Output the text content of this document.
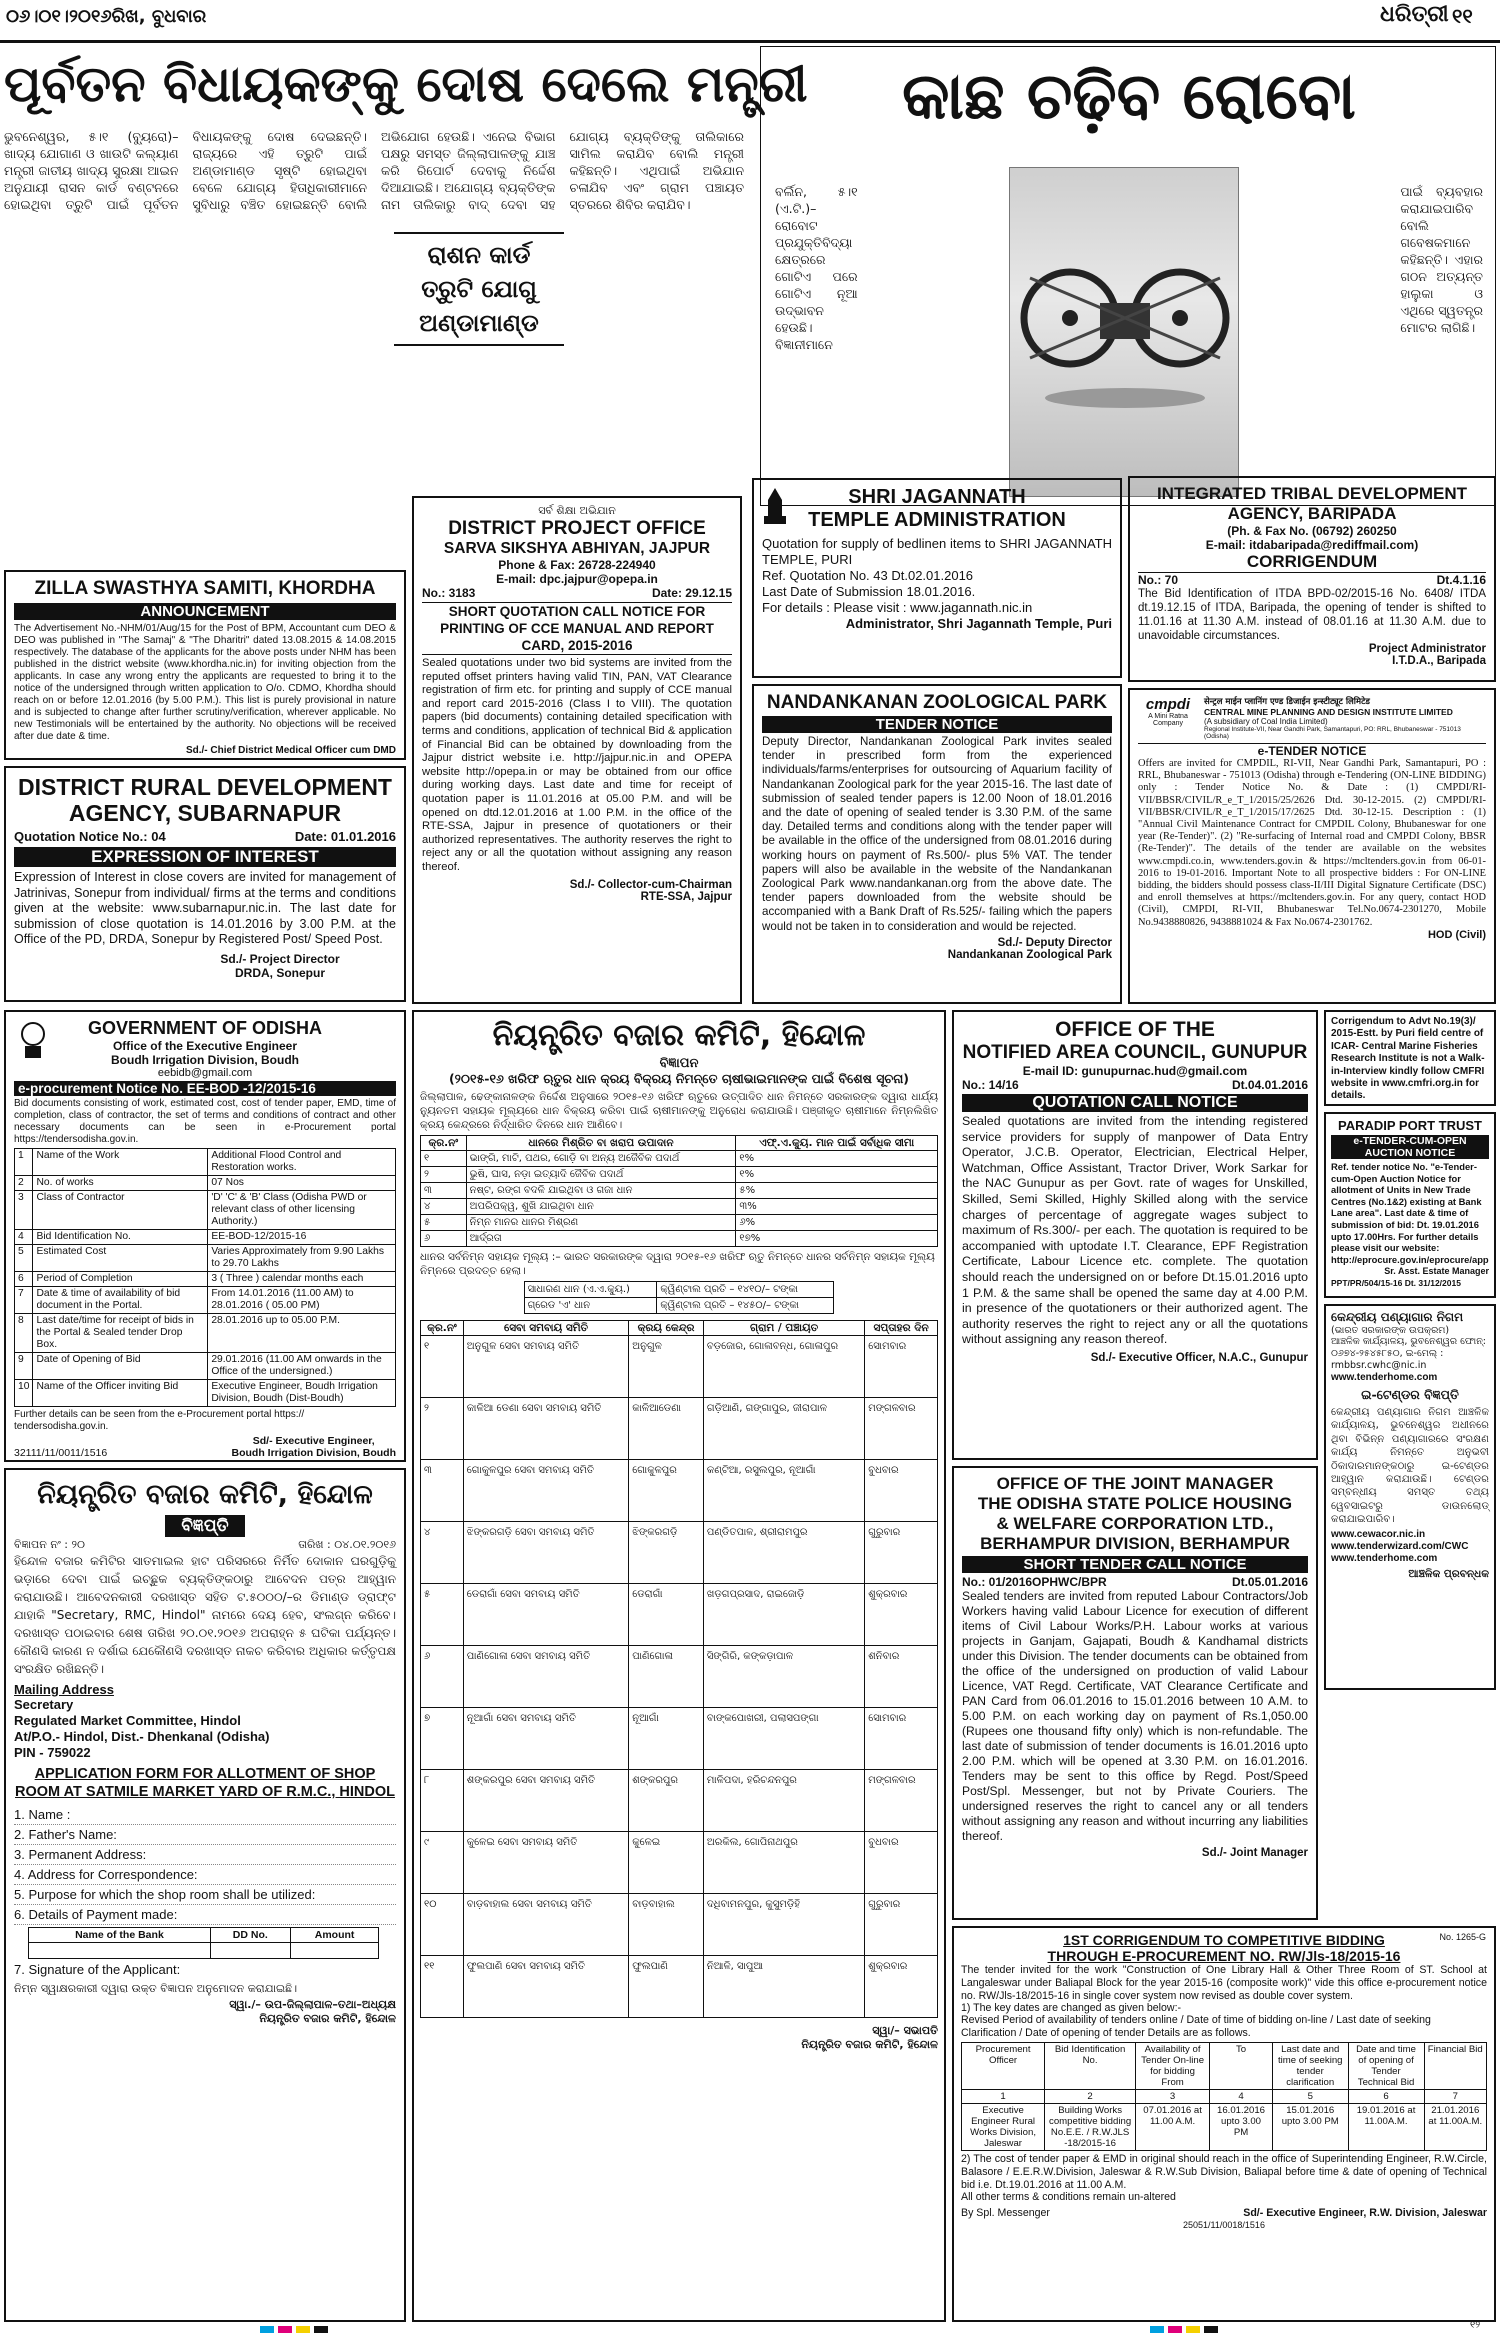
୦୬।୦୧।୨୦୧୬ରିଖ, ବୁଧବାର	ଧରିତ୍ରୀ ୧୧
ପୂର୍ବତନ ବିଧାୟକଙ୍କୁ ଦୋଷ ଦେଲେ ମନ୍ତ୍ରୀ
ଭୁବନେଶ୍ୱର, ୫।୧ (ବ୍ୟୁରୋ)– ଖାଦ୍ୟ ଯୋଗାଣ ଓ ଖାଉଟି କଲ୍ୟାଣ ମନ୍ତ୍ରୀ ଜାତୀୟ ଖାଦ୍ୟ ସୁରକ୍ଷା ଆଇନ ଅନୁଯାୟୀ ରାସନ କାର୍ଡ ବଣ୍ଟନରେ ହୋଇଥିବା ତ୍ରୁଟି ପାଇଁ ପୂର୍ବତନ ବିଧାୟକଙ୍କୁ ଦୋଷ ଦେଇଛନ୍ତି। ରାଜ୍ୟରେ ଏହି ତ୍ରୁଟି ପାଇଁ ଅଣ୍ଡାମାଣ୍ଡ ସୃଷ୍ଟି ହୋଇଥିବା ବେଳେ ଯୋଗ୍ୟ ହିତାଧିକାରୀମାନେ ସୁବିଧାରୁ ବଞ୍ଚିତ ହୋଇଛନ୍ତି ବୋଲି ଅଭିଯୋଗ ହେଉଛି। ଏନେଇ ବିଭାଗ ପକ୍ଷରୁ ସମସ୍ତ ଜିଲ୍ଲାପାଳଙ୍କୁ ଯାଞ୍ଚ କରି ରିପୋର୍ଟ ଦେବାକୁ ନିର୍ଦ୍ଦେଶ ଦିଆଯାଇଛି। ଅଯୋଗ୍ୟ ବ୍ୟକ୍ତିଙ୍କ ନାମ ତାଲିକାରୁ ବାଦ୍ ଦେବା ସହ ଯୋଗ୍ୟ ବ୍ୟକ୍ତିଙ୍କୁ ତାଲିକାରେ ସାମିଲ କରାଯିବ ବୋଲି ମନ୍ତ୍ରୀ କହିଛନ୍ତି। ଏଥିପାଇଁ ଅଭିଯାନ ଚଳାଯିବ ଏବଂ ଗ୍ରାମ ପଞ୍ଚାୟତ ସ୍ତରରେ ଶିବିର କରାଯିବ।
ରାଶନ କାର୍ଡ ତ୍ରୁଟି ଯୋଗୁ ଅଣ୍ଡାମାଣ୍ଡ
କାଛ ଚଢ଼ିବ ରୋବୋ
ବର୍ଲିନ, ୫।୧ (ଏ.ଟି.)– ରୋବୋଟ ପ୍ରଯୁକ୍ତିବିଦ୍ୟା କ୍ଷେତ୍ରରେ ଗୋଟିଏ ପରେ ଗୋଟିଏ ନୂଆ ଉଦ୍ଭାବନ ହେଉଛି। ବିଜ୍ଞାନୀମାନେ ପାଇଁ ବ୍ୟବହାର କରାଯାଇପାରିବ ବୋଲି ଗବେଷକମାନେ କହିଛନ୍ତି। ଏହାର ଗଠନ ଅତ୍ୟନ୍ତ ହାଲୁକା ଓ ଏଥିରେ ସ୍ୱତନ୍ତ୍ର ମୋଟର ଲାଗିଛି।
ZILLA SWASTHYA SAMITI, KHORDHA
ANNOUNCEMENT
The Advertisement No.-NHM/01/Aug/15 for the Post of BPM, Accountant cum DEO & DEO was published in "The Samaj" & "The Dharitri" dated 13.08.2015 & 14.08.2015 respectively. The database of the applicants for the above posts under NHM has been published in the district website (www.khordha.nic.in) for inviting objection from the applicants. In case any wrong entry the applicants are requested to bring it to the notice of the undersigned through written application to O/o. CDMO, Khordha should reach on or before 12.01.2016 (by 5.00 P.M.). This list is purely provisional in nature and is subjected to change after further scrutiny/verification, wherever applicable. No new Testimonials will be entertained by the authority. No objections will be received after due date & time.
Sd./- Chief District Medical Officer cum DMD
DISTRICT RURAL DEVELOPMENT AGENCY, SUBARNAPUR
Quotation Notice No.: 04	Date: 01.01.2016
EXPRESSION OF INTEREST
Expression of Interest in close covers are invited for management of Jatrinivas, Sonepur from individual/ firms at the terms and conditions given at the website: www.subarnapur.nic.in. The last date for submission of close quotation is 14.01.2016 by 3.00 P.M. at the Office of the PD, DRDA, Sonepur by Registered Post/ Speed Post.
Sd./- Project Director
DRDA, Sonepur
ସର୍ବ ଶିକ୍ଷା ଅଭିଯାନ
DISTRICT PROJECT OFFICE
SARVA SIKSHYA ABHIYAN, JAJPUR
Phone & Fax: 26728-224940
E-mail: dpc.jajpur@opepa.in
No.: 3183	Date: 29.12.15
SHORT QUOTATION CALL NOTICE FOR PRINTING OF CCE MANUAL AND REPORT CARD, 2015-2016
Sealed quotations under two bid systems are invited from the reputed offset printers having valid TIN, PAN, VAT Clearance registration of firm etc. for printing and supply of CCE manual and report card 2015-2016 (Class I to VIII). The quotation papers (bid documents) containing detailed specification with terms and conditions, application of technical Bid & application of Financial Bid can be obtained by downloading from the Jajpur district website i.e. http://jajpur.nic.in and OPEPA website http://opepa.in or may be obtained from our office during working days. Last date and time for receipt of quotation paper is 11.01.2016 at 05.00 P.M. and will be opened on dtd.12.01.2016 at 1.00 P.M. in the office of the RTE-SSA, Jajpur in presence of quotationers or their authorized representatives. The authority reserves the right to reject any or all the quotation without assigning any reason thereof.
Sd./- Collector-cum-Chairman
RTE-SSA, Jajpur
SHRI JAGANNATH
TEMPLE ADMINISTRATION
Quotation for supply of bedlinen items to SHRI JAGANNATH TEMPLE, PURI
Ref. Quotation No. 43 Dt.02.01.2016
Last Date of Submission 18.01.2016.
For details : Please visit : www.jagannath.nic.in
Administrator, Shri Jagannath Temple, Puri
NANDANKANAN ZOOLOGICAL PARK
TENDER NOTICE
Deputy Director, Nandankanan Zoological Park invites sealed tender in prescribed form from the experienced individuals/farms/enterprises for outsourcing of Aquarium facility of Nandankanan Zoological park for the year 2015-16. The last date of submission of sealed tender papers is 12.00 Noon of 18.01.2016 and the date of opening of sealed tender is 3.30 P.M. of the same day. Detailed terms and conditions along with the tender paper will be available in the office of the undersigned from 08.01.2016 during working hours on payment of Rs.500/- plus 5% VAT. The tender papers will also be available in the website of the Nandankanan Zoological Park www.nandankanan.org from the above date. The tender papers downloaded from the website should be accompanied with a Bank Draft of Rs.525/- failing which the papers would not be taken in to consideration and would be rejected.
Sd./- Deputy Director
Nandankanan Zoological Park
INTEGRATED TRIBAL DEVELOPMENT
AGENCY, BARIPADA
(Ph. & Fax No. (06792) 260250
E-mail: itdabaripada@rediffmail.com)
CORRIGENDUM
No.: 70	Dt.4.1.16
The Bid Identification of ITDA BPD-02/2015-16 No. 6408/ ITDA dt.19.12.15 of ITDA, Baripada, the opening of tender is shifted to 11.01.16 at 11.30 A.M. instead of 08.01.16 at 11.30 A.M. due to unavoidable circumstances.
Project Administrator
I.T.D.A., Baripada
cmpdi
A Mini Ratna Company
सेन्ट्रल माईन प्लानिंग एण्ड डिजाईन इन्स्टीट्यूट लिमिटेड
CENTRAL MINE PLANNING AND DESIGN INSTITUTE LIMITED
(A subsidiary of Coal India Limited)
Regional Institute-VII, Near Gandhi Park, Samantapuri, PO: RRL, Bhubaneswar - 751013 (Odisha)
e-TENDER NOTICE
Offers are invited for CMPDIL, RI-VII, Near Gandhi Park, Samantapuri, PO : RRL, Bhubaneswar - 751013 (Odisha) through e-Tendering (ON-LINE BIDDING) only : Tender Notice No. & Date : (1) CMPDI/RI-VII/BBSR/CIVIL/R_e_T_1/2015/25/2626 Dtd. 30-12-2015. (2) CMPDI/RI-VII/BBSR/CIVIL/R_e_T_1/2015/17/2625 Dtd. 30-12-15. Description : (1) "Annual Civil Maintenance Contract for CMPDIL Colony, Bhubaneswar for one year (Re-Tender)". (2) "Re-surfacing of Internal road and CMPDI Colony, BBSR (Re-Tender)". The details of the tender are available on the websites www.cmpdi.co.in, www.tenders.gov.in & https://mcltenders.gov.in from 06-01-2016 to 19-01-2016. Important Note to all prospective bidders : For ON-LINE bidding, the bidders should possess class-II/III Digital Signature Certificate (DSC) and enroll themselves at https://mcltenders.gov.in. For any query, contact HOD (Civil), CMPDI, RI-VII, Bhubaneswar Tel.No.0674-2301270, Mobile No.9438880826, 9438881024 & Fax No.0674-2301762.
HOD (Civil)
GOVERNMENT OF ODISHA
Office of the Executive Engineer
Boudh Irrigation Division, Boudh
eebidb@gmail.com
e-procurement Notice No. EE-BOD -12/2015-16
Bid documents consisting of work, estimated cost, cost of tender paper, EMD, time of completion, class of contractor, the set of terms and conditions of contract and other necessary documents can be seen in e-Procurement portal https://tendersodisha.gov.in.
1	Name of the Work	Additional Flood Control and Restoration works.
2	No. of works	07 Nos
3	Class of Contractor	'D' 'C' & 'B' Class (Odisha PWD or relevant class of other licensing Authority.)
4	Bid Identification No.	EE-BOD-12/2015-16
5	Estimated Cost	Varies Approximately from 9.90 Lakhs to 29.70 Lakhs
6	Period of Completion	3 ( Three ) calendar months each
7	Date & time of availability of bid document in the Portal.	From 14.01.2016 (11.00 AM) to 28.01.2016 ( 05.00 PM)
8	Last date/time for receipt of bids in the Portal & Sealed tender Drop Box.	28.01.2016 up to 05.00 P.M.
9	Date of Opening of Bid	29.01.2016 (11.00 AM onwards in the Office of the undersigned.)
10	Name of the Officer inviting Bid	Executive Engineer, Boudh Irrigation Division, Boudh (Dist-Boudh)
Further details can be seen from the e-Procurement portal https:// tendersodisha.gov.in.
32111/11/0011/1516
Sd/- Executive Engineer,
Boudh Irrigation Division, Boudh
ନିୟନ୍ତ୍ରିତ ବଜାର କମିଟି, ହିନ୍ଦୋଳ
ବିଜ୍ଞାପନ
(୨୦୧୫-୧୬ ଖରିଫ ଋତୁର ଧାନ କ୍ରୟ ବିକ୍ରୟ ନିମନ୍ତେ ଚାଷୀଭାଇମାନଙ୍କ ପାଇଁ ବିଶେଷ ସୂଚନା)
ଜିଲ୍ଲାପାଳ, ଢେଙ୍କାନାଳଙ୍କ ନିର୍ଦ୍ଦେଶ ଅନୁସାରେ ୨୦୧୫-୧୬ ଖରିଫ ଋତୁରେ ଉତ୍ପାଦିତ ଧାନ ନିମନ୍ତେ ସରକାରଙ୍କ ଦ୍ୱାରା ଧାର୍ଯ୍ୟ ନ୍ୟୁନତମ ସହାୟକ ମୂଲ୍ୟରେ ଧାନ ବିକ୍ରୟ କରିବା ପାଇଁ ଚାଷୀମାନଙ୍କୁ ଅନୁରୋଧ କରାଯାଉଛି। ପଞ୍ଜୀକୃତ ଚାଷୀମାନେ ନିମ୍ନଲିଖିତ କ୍ରୟ କେନ୍ଦ୍ରରେ ନିର୍ଦ୍ଧାରିତ ଦିନରେ ଧାନ ଆଣିବେ।
କ୍ର.ନଂ	ଧାନରେ ମିଶ୍ରିତ ବା ଖରାପ ଉପାଦାନ	ଏଫ୍.ଏ.କ୍ୟୁ. ମାନ ପାଇଁ ସର୍ବାଧିକ ସୀମା
୧	ଭାଙ୍ଗି, ମାଟି, ପଥର, ଗୋଡ଼ି ବା ଅନ୍ୟ ଅଜୈବିକ ପଦାର୍ଥ	୧%
୨	ଭୁଷି, ଘାସ, ନଡ଼ା ଇତ୍ୟାଦି ଜୈବିକ ପଦାର୍ଥ	୧%
୩	ନଷ୍ଟ, ରଙ୍ଗ ବଦଳି ଯାଇଥିବା ଓ ଗଜା ଧାନ	୫%
୪	ଅପରିପକ୍ୱ, ଶୁଖି ଯାଇଥିବା ଧାନ	୩%
୫	ନିମ୍ନ ମାନର ଧାନର ମିଶ୍ରଣ	୬%
୬	ଆର୍ଦ୍ରତା	୧୭%
ଧାନର ସର୍ବନିମ୍ନ ସହାୟକ ମୂଲ୍ୟ :– ଭାରତ ସରକାରଙ୍କ ଦ୍ୱାରା ୨୦୧୫-୧୬ ଖରିଫ ଋତୁ ନିମନ୍ତେ ଧାନର ସର୍ବନିମ୍ନ ସହାୟକ ମୂଲ୍ୟ ନିମ୍ନରେ ପ୍ରଦତ୍ତ ହେଲା।
ସାଧାରଣ ଧାନ (ଏ.ଏ.କ୍ୟୁ.)	କ୍ୱିଣ୍ଟାଲ ପ୍ରତି – ୧୪୧୦/– ଟଙ୍କା
ଗ୍ରେଡ 'ଏ' ଧାନ	କ୍ୱିଣ୍ଟାଲ ପ୍ରତି – ୧୪୫୦/– ଟଙ୍କା
କ୍ର.ନଂ	ସେବା ସମବାୟ ସମିତି	କ୍ରୟ କେନ୍ଦ୍ର	ଗ୍ରାମ / ପଞ୍ଚାୟତ	ସପ୍ତାହର ଦିନ
୧	ଅନୁଗୁଳ ସେବା ସମବାୟ ସମିତି	ଅନୁଗୁଳ	ବଡ଼ଜୋର, ଗୋଳାବନ୍ଧ, ଗୋଳାପୁର	ସୋମବାର
୨	କାଳିଆ ଡେଣା ସେବା ସମବାୟ ସମିତି	କାଳିଆଡେଣା	ଗଡ଼ିଆଣି, ଗଙ୍ଗାପୁର, ଜୀରାପାଳ	ମଙ୍ଗଳବାର
୩	ଗୋକୁଳପୁର ସେବା ସମବାୟ ସମିତି	ଗୋକୁଳପୁର	କଣ୍ଟିଆ, ରସୁଲପୁର, ନୂଆଗାଁ	ବୁଧବାର
୪	ଝିଙ୍କରଗଡ଼ି ସେବା ସମବାୟ ସମିତି	ଝିଙ୍କରଗଡ଼ି	ପଣ୍ଡିତପାଳ, ଶ୍ରୀରାମପୁର	ଗୁରୁବାର
୫	ଡେରାଗାଁ ସେବା ସମବାୟ ସମିତି	ଡେରାଗାଁ	ଖଡ଼ଗପ୍ରସାଦ, ରାଇଜୋଡ଼ି	ଶୁକ୍ରବାର
୬	ପାଣିଗୋଳା ସେବା ସମବାୟ ସମିତି	ପାଣିଗୋଳା	ସିଙ୍ଗିରି, କଙ୍କଡ଼ାପାଳ	ଶନିବାର
୭	ନୂଆଗାଁ ସେବା ସମବାୟ ସମିତି	ନୂଆଗାଁ	ବାଙ୍କପୋଖରୀ, ପଲାସପଙ୍ଗା	ସୋମବାର
୮	ଶଙ୍କରପୁର ସେବା ସମବାୟ ସମିତି	ଶଙ୍କରପୁର	ମାଳିପଦା, ହରିଚନ୍ଦନପୁର	ମଙ୍ଗଳବାର
୯	କୁଳେଇ ସେବା ସମବାୟ ସମିତି	କୁଳେଇ	ଅରକିଲ, ଗୋପିନାଥପୁର	ବୁଧବାର
୧୦	ବାଡ଼ବାହାଲ ସେବା ସମବାୟ ସମିତି	ବାଡ଼ବାହାଲ	ଦଧିବାମନପୁର, କୁସୁମଡ଼ିହି	ଗୁରୁବାର
୧୧	ଫୁଲପାଣି ସେବା ସମବାୟ ସମିତି	ଫୁଲପାଣି	ନିଆଳି, ସାପୁଆ	ଶୁକ୍ରବାର
ସ୍ୱା/– ସଭାପତି
ନିୟନ୍ତ୍ରିତ ବଜାର କମିଟି, ହିନ୍ଦୋଳ
OFFICE OF THE
NOTIFIED AREA COUNCIL, GUNUPUR
E-mail ID: gunupurnac.hud@gmail.com
No.: 14/16	Dt.04.01.2016
QUOTATION CALL NOTICE
Sealed quotations are invited from the intending registered service providers for supply of manpower of Data Entry Operator, J.C.B. Operator, Electrician, Electrical Helper, Watchman, Office Assistant, Tractor Driver, Work Sarkar for the NAC Gunupur as per Govt. rate of wages for Unskilled, Skilled, Semi Skilled, Highly Skilled along with the service charges of percentage of aggregate wages subject to maximum of Rs.300/- per each. The quotation is required to be accompanied with uptodate I.T. Clearance, EPF Registration Certificate, Labour Licence etc. complete. The quotation should reach the undersigned on or before Dt.15.01.2016 upto 1 P.M. & the same shall be opened the same day at 4.00 P.M. in presence of the quotationers or their authorized agent. The authority reserves the right to reject any or all the quotations without assigning any reason thereof.
Sd./- Executive Officer, N.A.C., Gunupur
Corrigendum to Advt No.19(3)/ 2015-Estt. by Puri field centre of ICAR- Central Marine Fisheries Research Institute is not a Walk-in-Interview kindly follow CMFRI website in www.cmfri.org.in for details.
PARADIP PORT TRUST
e-TENDER-CUM-OPEN AUCTION NOTICE
Ref. tender notice No. "e-Tender-cum-Open Auction Notice for allotment of Units in New Trade Centres (No.1&2) existing at Bank Lane area". Last date & time of submission of bid: Dt. 19.01.2016 upto 17.00Hrs. For further details please visit our website: http://eprocure.gov.in/eprocure/app
Sr. Asst. Estate Manager
PPT/PR/504/15-16 Dt. 31/12/2015
କେନ୍ଦ୍ରୀୟ ପଣ୍ୟାଗାର ନିଗମ
(ଭାରତ ସରକାରଙ୍କ ଉପକ୍ରମ)
ଆଞ୍ଚଳିକ କାର୍ଯ୍ୟାଳୟ, ଭୁବନେଶ୍ୱର ଫୋନ୍: ୦୬୭୪-୨୫୪୫୮୫୦, ଇ-ମେଲ୍ : rmbbsr.cwhc@nic.in
www.tenderhome.com
ଇ-ଟେଣ୍ଡର ବିଜ୍ଞପ୍ତି
କେନ୍ଦ୍ରୀୟ ପଣ୍ୟାଗାର ନିଗମ ଆଞ୍ଚଳିକ କାର୍ଯ୍ୟାଳୟ, ଭୁବନେଶ୍ୱର ଅଧୀନରେ ଥିବା ବିଭିନ୍ନ ପଣ୍ୟାଗାରରେ ସଂରକ୍ଷଣ କାର୍ଯ୍ୟ ନିମନ୍ତେ ଅନୁଭବୀ ଠିକାଦାରମାନଙ୍କଠାରୁ ଇ-ଟେଣ୍ଡର ଆହ୍ୱାନ କରାଯାଉଛି। ଟେଣ୍ଡର ସମ୍ବନ୍ଧୀୟ ସମସ୍ତ ତଥ୍ୟ ୱେବସାଇଟରୁ ଡାଉନଲୋଡ୍ କରାଯାଇପାରିବ।
www.cewacor.nic.in
www.tenderwizard.com/CWC
www.tenderhome.com
ଆଞ୍ଚଳିକ ପ୍ରବନ୍ଧକ
OFFICE OF THE JOINT MANAGER
THE ODISHA STATE POLICE HOUSING
& WELFARE CORPORATION LTD.,
BERHAMPUR DIVISION, BERHAMPUR
SHORT TENDER CALL NOTICE
No.: 01/2016OPHWC/BPR	Dt.05.01.2016
Sealed tenders are invited from reputed Labour Contractors/Job Workers having valid Labour Licence for execution of different items of Civil Labour Works/P.H. Labour works at various projects in Ganjam, Gajapati, Boudh & Kandhamal districts under this Division. The tender documents can be obtained from the office of the undersigned on production of valid Labour Licence, VAT Regd. Certificate, VAT Clearance Certificate and PAN Card from 06.01.2016 to 15.01.2016 between 10 A.M. to 5.00 P.M. on each working day on payment of Rs.1,050.00 (Rupees one thousand fifty only) which is non-refundable. The last date of submission of tender documents is 16.01.2016 upto 2.00 P.M. which will be opened at 3.30 P.M. on 16.01.2016. Tenders may be sent to this office by Regd. Post/Speed Post/Spl. Messenger, but not by Private Couriers. The undersigned reserves the right to cancel any or all tenders without assigning any reason and without incurring any liabilities thereof.
Sd./- Joint Manager
ନିୟନ୍ତ୍ରିତ ବଜାର କମିଟି, ହିନ୍ଦୋଳ
ବିଜ୍ଞପ୍ତି
ବିଜ୍ଞାପନ ନଂ : ୨୦	ତାରିଖ : ୦୪.୦୧.୨୦୧୬
ହିନ୍ଦୋଳ ବଜାର କମିଟିର ସାତମାଇଲ ହାଟ ପରିସରରେ ନିର୍ମିତ ଦୋକାନ ଘରଗୁଡ଼ିକୁ ଭଡ଼ାରେ ଦେବା ପାଇଁ ଇଚ୍ଛୁକ ବ୍ୟକ୍ତିଙ୍କଠାରୁ ଆବେଦନ ପତ୍ର ଆହ୍ୱାନ କରାଯାଉଛି। ଆବେଦନକାରୀ ଦରଖାସ୍ତ ସହିତ ଟ.୫୦୦୦/–ର ଡିମାଣ୍ଡ ଡ୍ରାଫ୍ଟ ଯାହାକି "Secretary, RMC, Hindol" ନାମରେ ଦେୟ ହେବ, ସଂଲଗ୍ନ କରିବେ। ଦରଖାସ୍ତ ପଠାଇବାର ଶେଷ ତାରିଖ ୨୦.୦୧.୨୦୧୬ ଅପରାହ୍ନ ୫ ଘଟିକା ପର୍ଯ୍ୟନ୍ତ। କୌଣସି କାରଣ ନ ଦର୍ଶାଇ ଯେକୌଣସି ଦରଖାସ୍ତ ନାକଚ କରିବାର ଅଧିକାର କର୍ତ୍ତୃପକ୍ଷ ସଂରକ୍ଷିତ ରଖିଛନ୍ତି।
Mailing Address
Secretary
Regulated Market Committee, Hindol
At/P.O.- Hindol, Dist.- Dhenkanal (Odisha)
PIN - 759022
APPLICATION FORM FOR ALLOTMENT OF SHOP ROOM AT SATMILE MARKET YARD OF R.M.C., HINDOL
1. Name :
2. Father's Name:
3. Permanent Address:
4. Address for Correspondence:
5. Purpose for which the shop room shall be utilized:
6. Details of Payment made:
Name of the Bank	DD No.	Amount

7. Signature of the Applicant:
ନିମ୍ନ ସ୍ୱାକ୍ଷରକାରୀ ଦ୍ୱାରା ଉକ୍ତ ବିଜ୍ଞାପନ ଅନୁମୋଦନ କରାଯାଇଛି।
ସ୍ୱା./– ଉପ-ଜିଲ୍ଲାପାଳ–ତଥା–ଅଧ୍ୟକ୍ଷ
ନିୟନ୍ତ୍ରିତ ବଜାର କମିଟି, ହିନ୍ଦୋଳ
No. 1265-G
1ST CORRIGENDUM TO COMPETITIVE BIDDING
THROUGH E-PROCUREMENT NO. RW/Jls-18/2015-16
The tender invited for the work "Construction of One Library Hall & Other Three Room of ST. School at Langaleswar under Baliapal Block for the year 2015-16 (composite work)" vide this office e-procurement notice no. RW/Jls-18/2015-16 in single cover system now revised as double cover system.
1) The key dates are changed as given below:-
Revised Period of availability of tenders online / Date of time of bidding on-line / Last date of seeking Clarification / Date of opening of tender Details are as follows.
Procurement Officer	Bid Identification No.	Availability of Tender On-line for bidding From	To	Last date and time of seeking tender clarification	Date and time of opening of Tender Technical Bid	Financial Bid
1	2	3	4	5	6	7
Executive Engineer Rural Works Division, Jaleswar	Building Works competitive bidding No.E.E. / R.W.JLS -18/2015-16	07.01.2016 at 11.00 A.M.	16.01.2016 upto 3.00 PM	15.01.2016 upto 3.00 PM	19.01.2016 at 11.00A.M.	21.01.2016 at 11.00A.M.
2) The cost of tender paper & EMD in original should reach in the office of Superintending Engineer, R.W.Circle, Balasore / E.E.R.W.Division, Jaleswar & R.W.Sub Division, Baliapal before time & date of opening of Technical bid i.e. Dt.19.01.2016 at 11.00 A.M.
All other terms & conditions remain un-altered
By Spl. Messenger	Sd/- Executive Engineer, R.W. Division, Jaleswar
25051/11/0018/1516
୧୨
